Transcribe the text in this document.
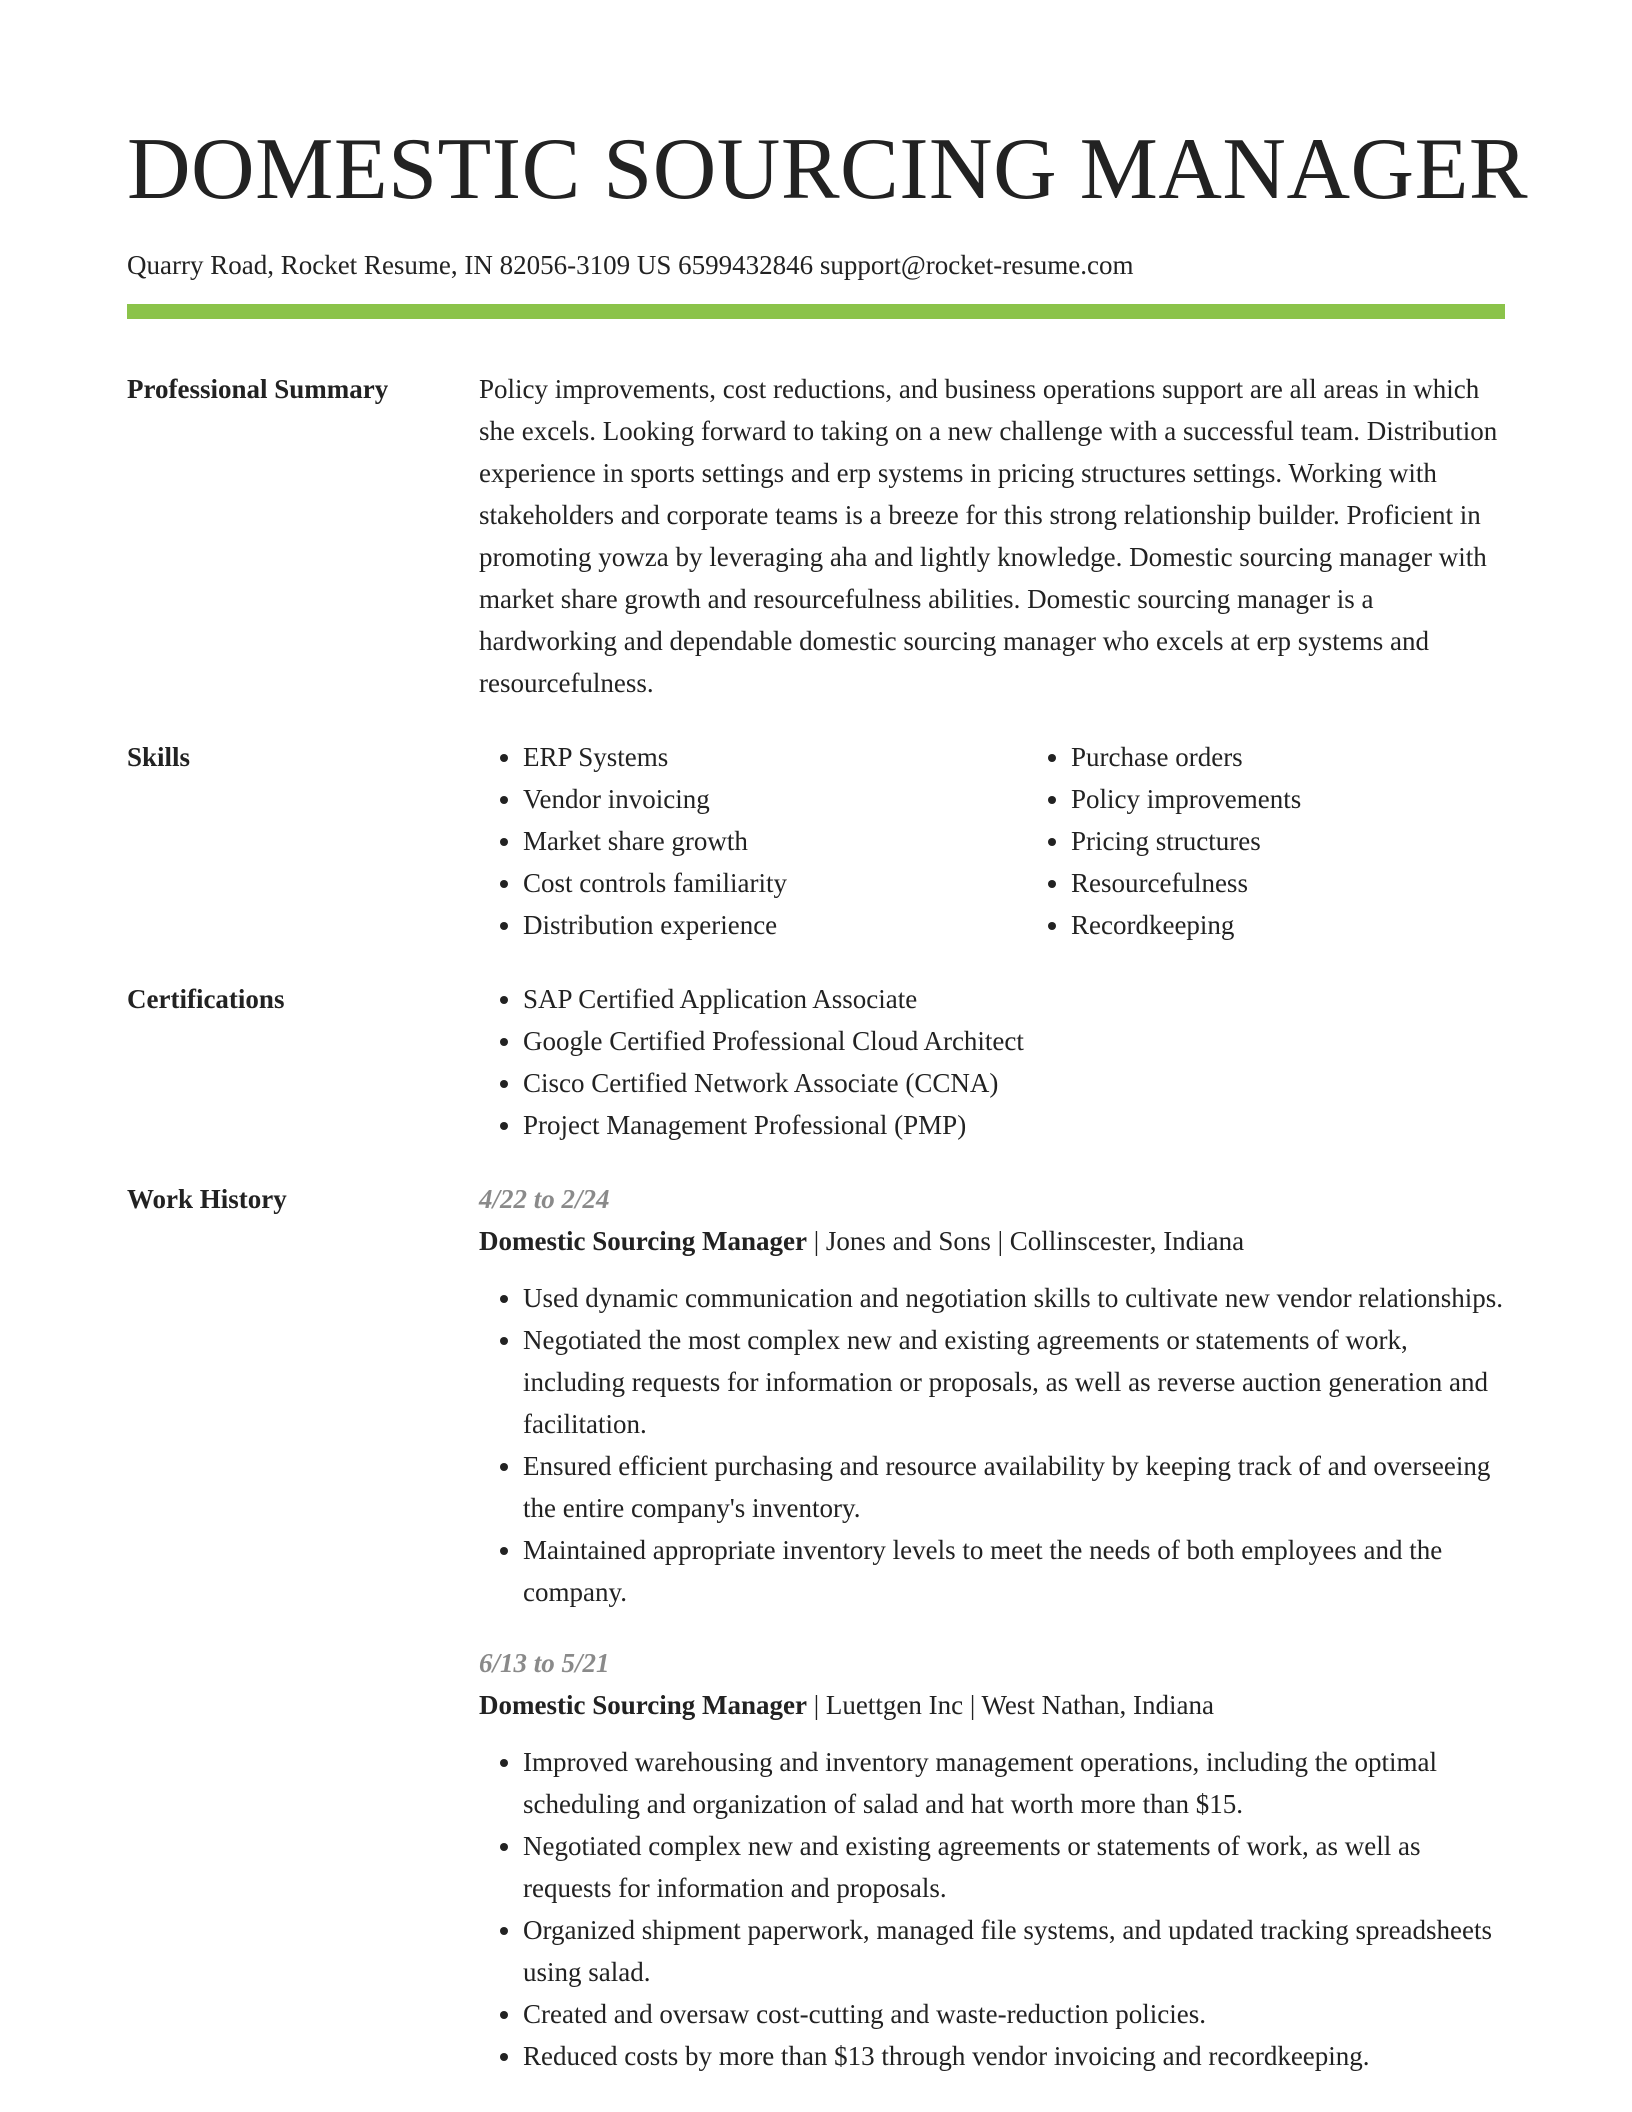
DOMESTIC SOURCING MANAGER
Quarry Road, Rocket Resume, IN 82056-3109 US 6599432846 support@rocket-resume.com
Professional Summary	Policy improvements, cost reductions, and business operations support are all areas in which she excels. Looking forward to taking on a new challenge with a successful team. Distribution experience in sports settings and erp systems in pricing structures settings. Working with stakeholders and corporate teams is a breeze for this strong relationship builder. Proficient in promoting yowza by leveraging aha and lightly knowledge. Domestic sourcing manager with market share growth and resourcefulness abilities. Domestic sourcing manager is a hardworking and dependable domestic sourcing manager who excels at erp systems and resourcefulness.
Skills	• ERP Systems
• Vendor invoicing
• Market share growth
• Cost controls familiarity
• Distribution experience
• Purchase orders
• Policy improvements
• Pricing structures
• Resourcefulness
• Recordkeeping
Certifications	• SAP Certified Application Associate
• Google Certified Professional Cloud Architect
• Cisco Certified Network Associate (CCNA)
• Project Management Professional (PMP)
Work History	4/22 to 2/24
Domestic Sourcing Manager | Jones and Sons | Collinscester, Indiana
• Used dynamic communication and negotiation skills to cultivate new vendor relationships.
• Negotiated the most complex new and existing agreements or statements of work, including requests for information or proposals, as well as reverse auction generation and facilitation.
• Ensured efficient purchasing and resource availability by keeping track of and overseeing the entire company's inventory.
• Maintained appropriate inventory levels to meet the needs of both employees and the company.
6/13 to 5/21
Domestic Sourcing Manager | Luettgen Inc | West Nathan, Indiana
• Improved warehousing and inventory management operations, including the optimal scheduling and organization of salad and hat worth more than $15.
• Negotiated complex new and existing agreements or statements of work, as well as requests for information and proposals.
• Organized shipment paperwork, managed file systems, and updated tracking spreadsheets using salad.
• Created and oversaw cost-cutting and waste-reduction policies.
• Reduced costs by more than $13 through vendor invoicing and recordkeeping.
